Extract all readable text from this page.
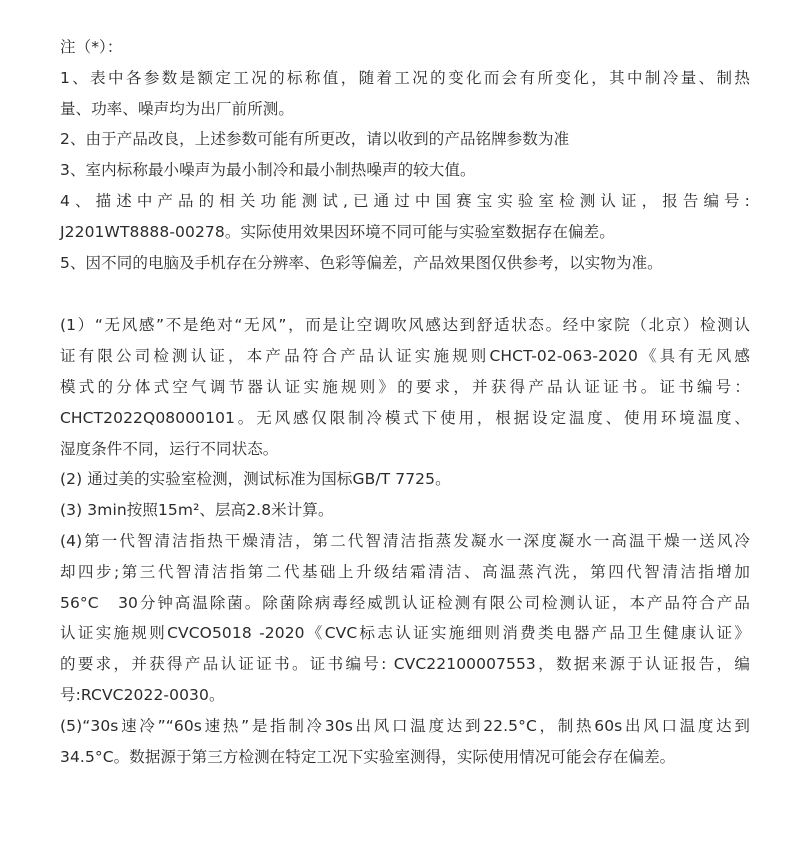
注（*）：

1、表中各参数是额定工况的标称值，随着工况的变化而会有所变化，其中制冷量、制热

量、功率、噪声均为出厂前所测。

2、由于产品改良，上述参数可能有所更改，请以收到的产品铭牌参数为准

3、室内标称最小噪声为最小制冷和最小制热噪声的较大值。

4、描述中产品的相关功能测试,已通过中国赛宝实验室检测认证，报告编号:

J2201WT8888-00278。实际使用效果因环境不同可能与实验室数据存在偏差。

5、因不同的电脑及手机存在分辨率、色彩等偏差，产品效果图仅供参考，以实物为准。

(1）“无风感”不是绝对“无风”，而是让空调吹风感达到舒适状态。经中家院（北京）检测认

证有限公司检测认证，本产品符合产品认证实施规则CHCT-02-063-2020《具有无风感

模式的分体式空气调节器认证实施规则》的要求，并获得产品认证证书。证书编号：

CHCT2022Q08000101。无风感仅限制冷模式下使用，根据设定温度、使用环境温度、

湿度条件不同，运行不同状态。

(2) 通过美的实验室检测，测试标准为国标GB/T 7725。

(3) 3min按照15m²、层高2.8米计算。

(4)第一代智清洁指热干燥清洁，第二代智清洁指蒸发凝水一深度凝水一高温干燥一送风冷

却四步;第三代智清洁指第二代基础上升级结霜清洁、高温蒸汽洗，第四代智清洁指增加

56°C　30分钟高温除菌。除菌除病毒经威凯认证检测有限公司检测认证，本产品符合产品

认证实施规则CVCO5018 -2020《CVC标志认证实施细则消费类电器产品卫生健康认证》

的要求，并获得产品认证证书。证书编号: CVC22100007553，数据来源于认证报告，编

号:RCVC2022-0030。

(5)“30s速冷”“60s速热”是指制冷30s出风口温度达到22.5°C，制热60s出风口温度达到

34.5°C。数据源于第三方检测在特定工况下实验室测得，实际使用情况可能会存在偏差。
